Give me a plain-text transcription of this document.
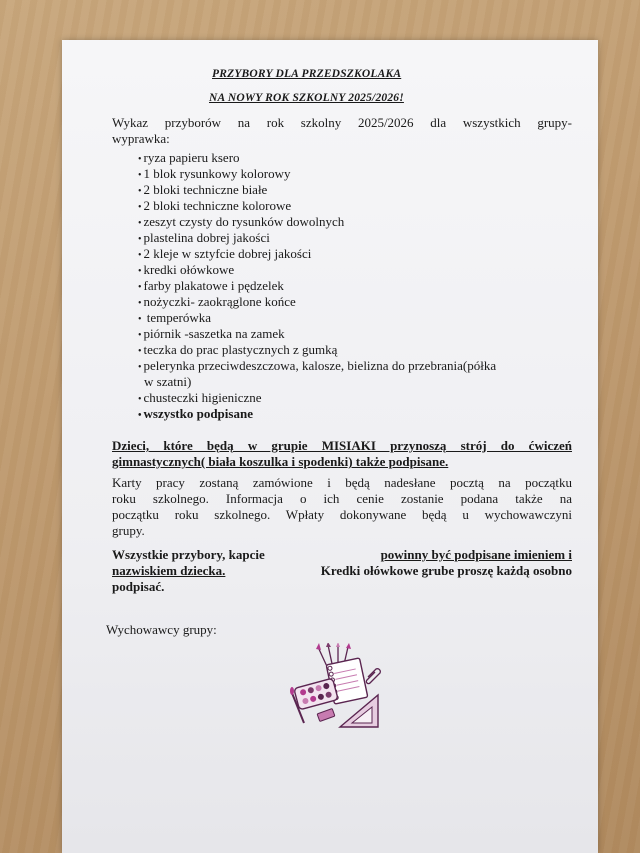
PRZYBORY DLA PRZEDSZKOLAKA
NA NOWY ROK SZKOLNY 2025/2026!
Wykaz przyborów na rok szkolny 2025/2026 dla wszystkich grupy-
wyprawka:
• ryza papieru ksero
• 1 blok rysunkowy kolorowy
• 2 bloki techniczne białe
• 2 bloki techniczne kolorowe
• zeszyt czysty do rysunków dowolnych
• plastelina dobrej jakości
• 2 kleje w sztyfcie dobrej jakości
• kredki ołówkowe
• farby plakatowe i pędzelek
• nożyczki- zaokrąglone końce
• temperówka
• piórnik -saszetka na zamek
• teczka do prac plastycznych z gumką
• pelerynka przeciwdeszczowa, kalosze, bielizna do przebrania(półka
w szatni)
• chusteczki higieniczne
• wszystko podpisane
Dzieci, które będą w grupie MISIAKI przynoszą strój do ćwiczeń
gimnastycznych( biała koszulka i spodenki) także podpisane.
Karty pracy zostaną zamówione i będą nadesłane pocztą na początku
roku szkolnego. Informacja o ich cenie zostanie podana także na
początku roku szkolnego. Wpłaty dokonywane będą u wychowawczyni
grupy.
Wszystkie przybory, kapcie	powinny być podpisane imieniem i
nazwiskiem dziecka.	Kredki ołówkowe grube proszę każdą osobno
podpisać.
Wychowawcy grupy:
